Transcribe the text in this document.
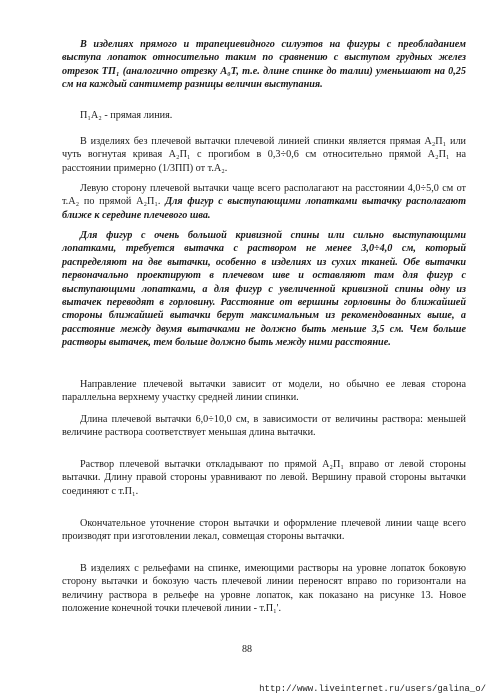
В изделиях прямого и трапециевидного силуэтов на фигуры с преобладанием выступа лопаток относительно таким по сравнению с выступом грудных желез отрезок ТП₁ (аналогично отрезку А₀Т, т.е. длине спинке до талии) уменьшают на 0,25 см на каждый сантиметр разницы величин выступания.

П₁А₂ - прямая линия.

В изделиях без плечевой вытачки плечевой линией спинки является прямая А₂П₁ или чуть вогнутая кривая А₂П₁ с прогибом в 0,3÷0,6 см относительно прямой А₂П₁ на расстоянии примерно (1/3ПП) от т.А₂.

Левую сторону плечевой вытачки чаще всего располагают на расстоянии 4,0÷5,0 см от т.А₂ по прямой А₂П₁. Для фигур с выступающими лопатками вытачку располагают ближе к середине плечевого шва.

Для фигур с очень большой кривизной спины или сильно выступающими лопатками, требуется вытачка с раствором не менее 3,0÷4,0 см, который распределяют на две вытачки, особенно в изделиях из сухих тканей. Обе вытачки первоначально проектируют в плечевом шве и оставляют там для фигур с выступающими лопатками, а для фигур с увеличенной кривизной спины одну из вытачек переводят в горловину. Расстояние от вершины горловины до ближайшей стороны ближайшей вытачки берут максимальным из рекомендованных выше, а расстояние между двумя вытачками не должно быть меньше 3,5 см. Чем больше растворы вытачек, тем больше должно быть между ними расстояние.

Направление плечевой вытачки зависит от модели, но обычно ее левая сторона параллельна верхнему участку средней линии спинки.

Длина плечевой вытачки 6,0÷10,0 см, в зависимости от величины раствора: меньшей величине раствора соответствует меньшая длина вытачки.

Раствор плечевой вытачки откладывают по прямой А₂П₁ вправо от левой стороны вытачки. Длину правой стороны уравнивают по левой. Вершину правой стороны вытачки соединяют с т.П₁.

Окончательное уточнение сторон вытачки и оформление плечевой линии чаще всего производят при изготовлении лекал, совмещая стороны вытачки.

В изделиях с рельефами на спинке, имеющими растворы на уровне лопаток боковую сторону вытачки и бокозую часть плечевой линии переносят вправо по горизонтали на величину раствора в рельефе на уровне лопаток, как показано на рисунке 13. Новое положение конечной точки плечевой линии - т.П₁'.

88
http://www.liveinternet.ru/users/galina_o/
